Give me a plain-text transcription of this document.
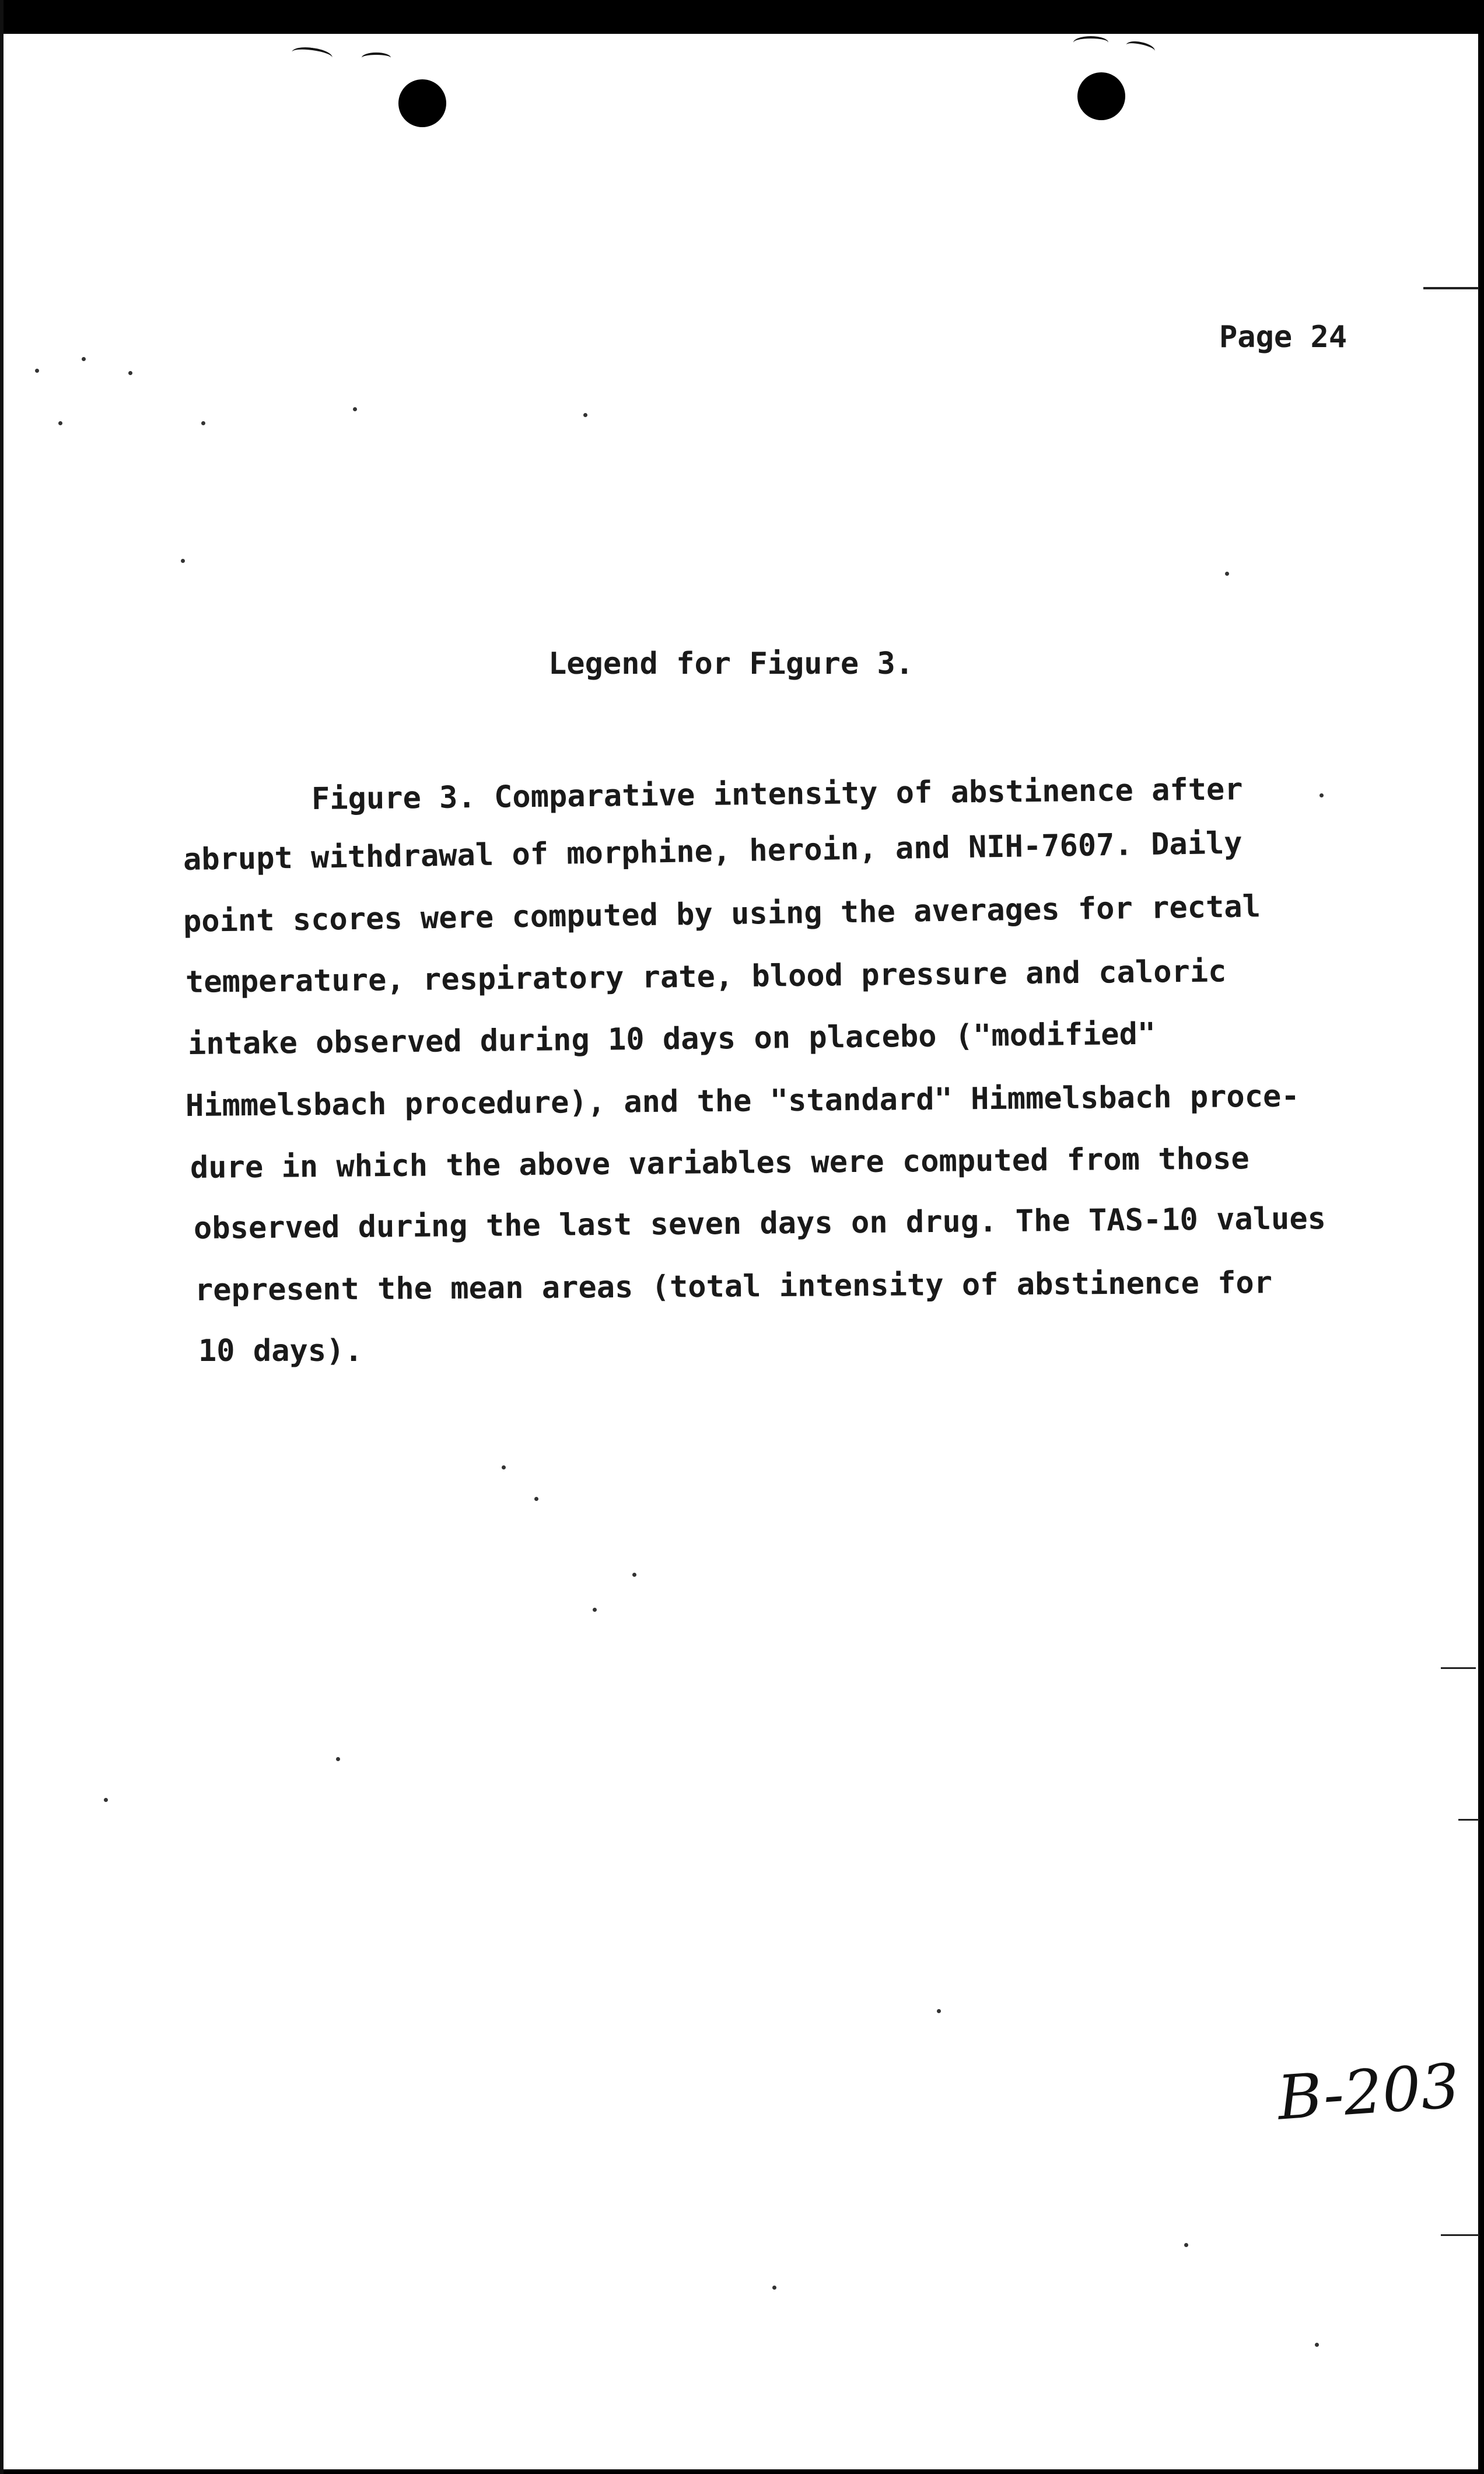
Page 24
Legend for Figure 3.
Figure 3. Comparative intensity of abstinence after
abrupt withdrawal of morphine, heroin, and NIH-7607. Daily
point scores were computed by using the averages for rectal
temperature, respiratory rate, blood pressure and caloric
intake observed during 10 days on placebo ("modified"
Himmelsbach procedure), and the "standard" Himmelsbach proce-
dure in which the above variables were computed from those
observed during the last seven days on drug. The TAS-10 values
represent the mean areas (total intensity of abstinence for
10 days).
B-203
